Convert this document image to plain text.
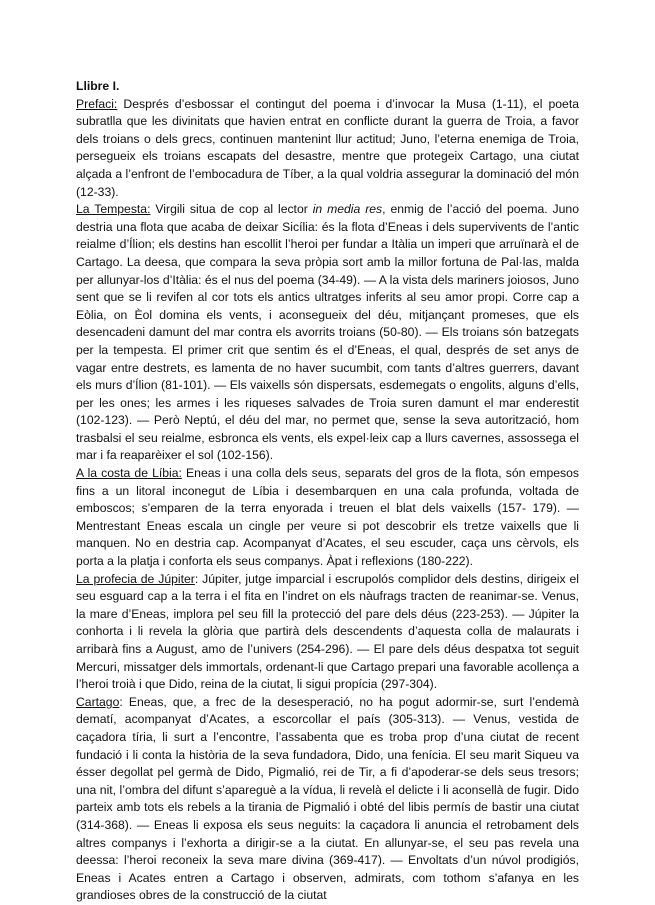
Llibre I.

Prefaci: Després d’esbossar el contingut del poema i d’invocar la Musa (1-11), el poeta subratlla que les divinitats que havien entrat en conflicte durant la guerra de Troia, a favor dels troians o dels grecs, continuen mantenint llur actitud; Juno, l’eterna enemiga de Troia, persegueix els troians escapats del desastre, mentre que protegeix Cartago, una ciutat alçada a l’enfront de l’embocadura de Tíber, a la qual voldria assegurar la dominació del món (12-33).

La Tempesta: Virgili situa de cop al lector in media res, enmig de l’acció del poema. Juno destria una flota que acaba de deixar Sicília: és la flota d’Eneas i dels supervivents de l’antic reialme d’Ílion; els destins han escollit l’heroi per fundar a Itàlia un imperi que arruïnarà el de Cartago. La deesa, que compara la seva pròpia sort amb la millor fortuna de Pal·las, malda per allunyar-los d’Itàlia: és el nus del poema (34-49). — A la vista dels mariners joiosos, Juno sent que se li revifen al cor tots els antics ultratges inferits al seu amor propi. Corre cap a Eòlia, on Èol domina els vents, i aconsegueix del déu, mitjançant promeses, que els desencadeni damunt del mar contra els avorrits troians (50-80). — Els troians són batzegats per la tempesta. El primer crit que sentim és el d’Eneas, el qual, després de set anys de vagar entre destrets, es lamenta de no haver sucumbit, com tants d’altres guerrers, davant els murs d’Ílion (81-101). — Els vaixells són dispersats, esdemegats o engolits, alguns d’ells, per les ones; les armes i les riqueses salvades de Troia suren damunt el mar enderestit (102-123). — Però Neptú, el déu del mar, no permet que, sense la seva autorització, hom trasbalsi el seu reialme, esbronca els vents, els expel·leix cap a llurs cavernes, assossega el mar i fa reaparèixer el sol (102-156).

A la costa de Líbia: Eneas i una colla dels seus, separats del gros de la flota, són empesos fins a un litoral inconegut de Líbia i desembarquen en una cala profunda, voltada de emboscos; s’emparen de la terra enyorada i treuen el blat dels vaixells (157- 179). — Mentrestant Eneas escala un cingle per veure si pot descobrir els tretze vaixells que li manquen. No en destria cap. Acompanyat d’Acates, el seu escuder, caça uns cèrvols, els porta a la platja i conforta els seus companys. Àpat i reflexions (180-222).

La profecia de Júpiter: Júpiter, jutge imparcial i escrupolós complidor dels destins, dirigeix el seu esguard cap a la terra i el fita en l’indret on els nàufrags tracten de reanimar-se. Venus, la mare d’Eneas, implora pel seu fill la protecció del pare dels déus (223-253). — Júpiter la conhorta i li revela la glòria que partirà dels descendents d’aquesta colla de malaurats i arribarà fins a August, amo de l’univers (254-296). — El pare dels déus despatxa tot seguit Mercuri, missatger dels immortals, ordenant-li que Cartago prepari una favorable acollença a l’heroi troià i que Dido, reina de la ciutat, li sigui propícia (297-304).

Cartago: Eneas, que, a frec de la desesperació, no ha pogut adormir-se, surt l’endemà dematí, acompanyat d’Acates, a escorcollar el país (305-313). — Venus, vestida de caçadora tíria, li surt a l’encontre, l’assabenta que es troba prop d’una ciutat de recent fundació i li conta la història de la seva fundadora, Dido, una fenícia. El seu marit Siqueu va ésser degollat pel germà de Dido, Pigmalió, rei de Tir, a fi d’apoderar-se dels seus tresors; una nit, l’ombra del difunt s’apareguè a la vídua, li revelà el delicte i li aconsellà de fugir. Dido parteix amb tots els rebels a la tirania de Pigmalió i obté del libis permís de bastir una ciutat (314-368). — Eneas li exposa els seus neguits: la caçadora li anuncia el retrobament dels altres companys i l’exhorta a dirigir-se a la ciutat. En allunyar-se, el seu pas revela una deessa: l’heroi reconeix la seva mare divina (369-417). — Envoltats d’un núvol prodigiós, Eneas i Acates entren a Cartago i observen, admirats, com tothom s’afanya en les grandioses obres de la construcció de la ciutat
